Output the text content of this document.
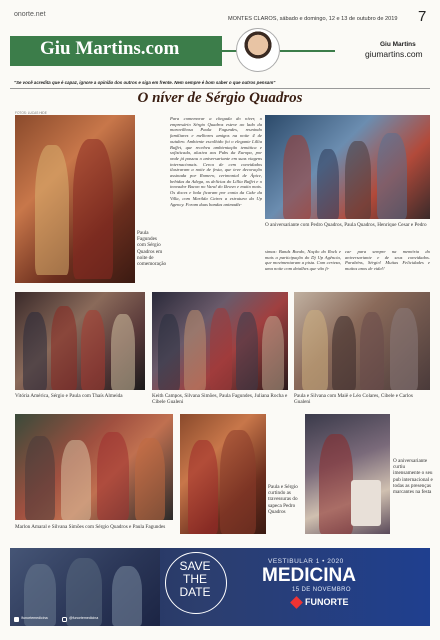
onorte.net
MONTES CLAROS, sábado e domingo, 12 e 13 de outubro de 2019 7
Giu Martins.com	Giu Martins
giumartins.com
"Se você acredita que é capaz, ignore a opinião dos outros e siga em frente. Nem sempre é bom saber o que outros pensam"
O níver de Sérgio Quadros
FOTOS: LUCAS HIDE
Paula Fagundes com Sérgio Quadros em noite de comemoração
Para comemorar a chegada do níver, o empresário Sérgio Quadros esteve ao lado da maravilhosa Paula Fagundes, reunindo familiares e melhores amigos na noite 4 de outubro. Ambiente escolhido foi o elegante Lillia Buffet, que recebeu ambientação temática e sofisticada, alusiva aos Pubs da Europa, por onde já passou o aniversariante em suas viagens internacionais. Cerca de cem convidados ilustraram a noite de festa, que teve decoração assinada por Romero, cerimonial de Ápice, bebidas da Adega, os delícias do Lillia Buffet e o inovador Bacon no Varal do Ikravo e muito mais. Os doces e bala ficaram por conta da Cake da Villa, com Marilda Caires a estrutura da Up Agency. Foram duas bandas animadís-
simas: Bands Bondo, Nação do Rock e mais a participação do Dj Up Agência, que movimentaram a pista. Com certeza, uma noite com detalhes que vão fi-
car para sempre na memória do aniversariante e de seus convidados. Parabéns, Sérgio! Muitas Felicidades e muitos anos de vida!!
O aniversariante com Pedro Quadros, Paula Quadros, Henrique Cesar e Pedro
Vitória América, Sérgio e Paula com Thaís Almeida	Keith Campos, Silvana Simões, Paula Fagundes, Juliana Rocha e Cibele Gualeni
Paula e Silvana com Maiê e Léo Colares, Cibele e Carlos Gualeni
Marlon Amaral e Silvana Simões com Sérgio Quadros e Paula Fagundes
Paula e Sérgio curtindo as travessuras do sapeca Pedro Quadros
O aniversariante curtiu imensamente o seu pub internacional e todas as presenças marcantes na festa
SAVE
THE
DATE
VESTIBULAR 1 • 2020
MEDICINA
15 DE NOVEMBRO
FUNORTE
/funortemedicina	@funortemedicina
